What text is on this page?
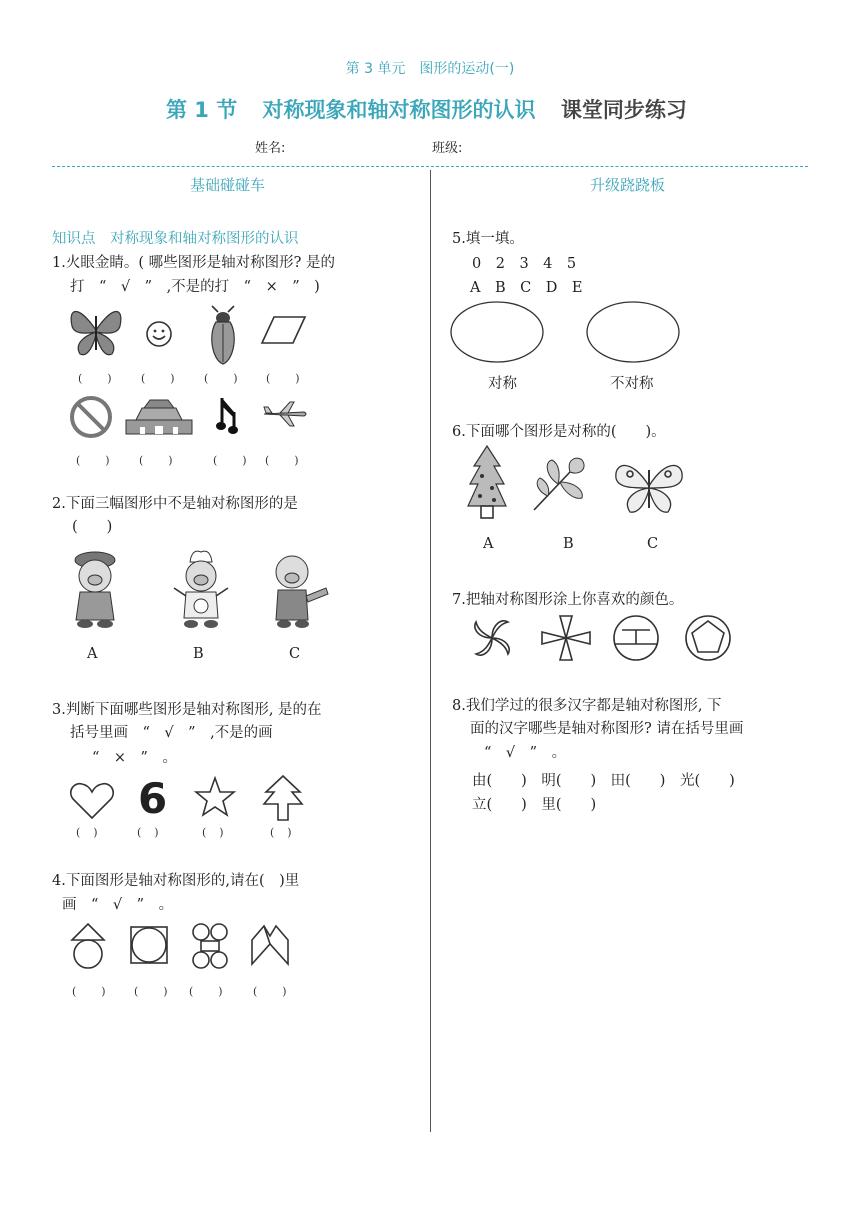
第 3 单元　图形的运动(一)
第 1 节 对称现象和轴对称图形的认识 课堂同步练习
姓名:	班级:
基础碰碰车
知识点　对称现象和轴对称图形的认识
1.火眼金睛。( 哪些图形是轴对称图形? 是的
打　“　√　”　,不是的打　“　×　”　)
(　　)	(　　)	(　　) (　　)
(　　)	(　　)	(　　) (　　)
2.下面三幅图形中不是轴对称图形的是
(　　)
A	B	C
3.判断下面哪些图形是轴对称图形, 是的在
括号里画　“　√　”　,不是的画
“　×　”　。
6
(　)	(　)	(　)	(　)
4.下面图形是轴对称图形的,请在(　)里
画　“　√　”　。
(　　) (　　) (　　)	(　　)
升级跷跷板
5.填一填。
0　2　3　4　5
A　B　C　D　E
对称	不对称
6.下面哪个图形是对称的(　　)。
A	B	C
7.把轴对称图形涂上你喜欢的颜色。
8.我们学过的很多汉字都是轴对称图形, 下
面的汉字哪些是轴对称图形? 请在括号里画
“　√　”　。
由(　　)　明(　　)　田(　　)　光(　　)
立(　　)　里(　　)
